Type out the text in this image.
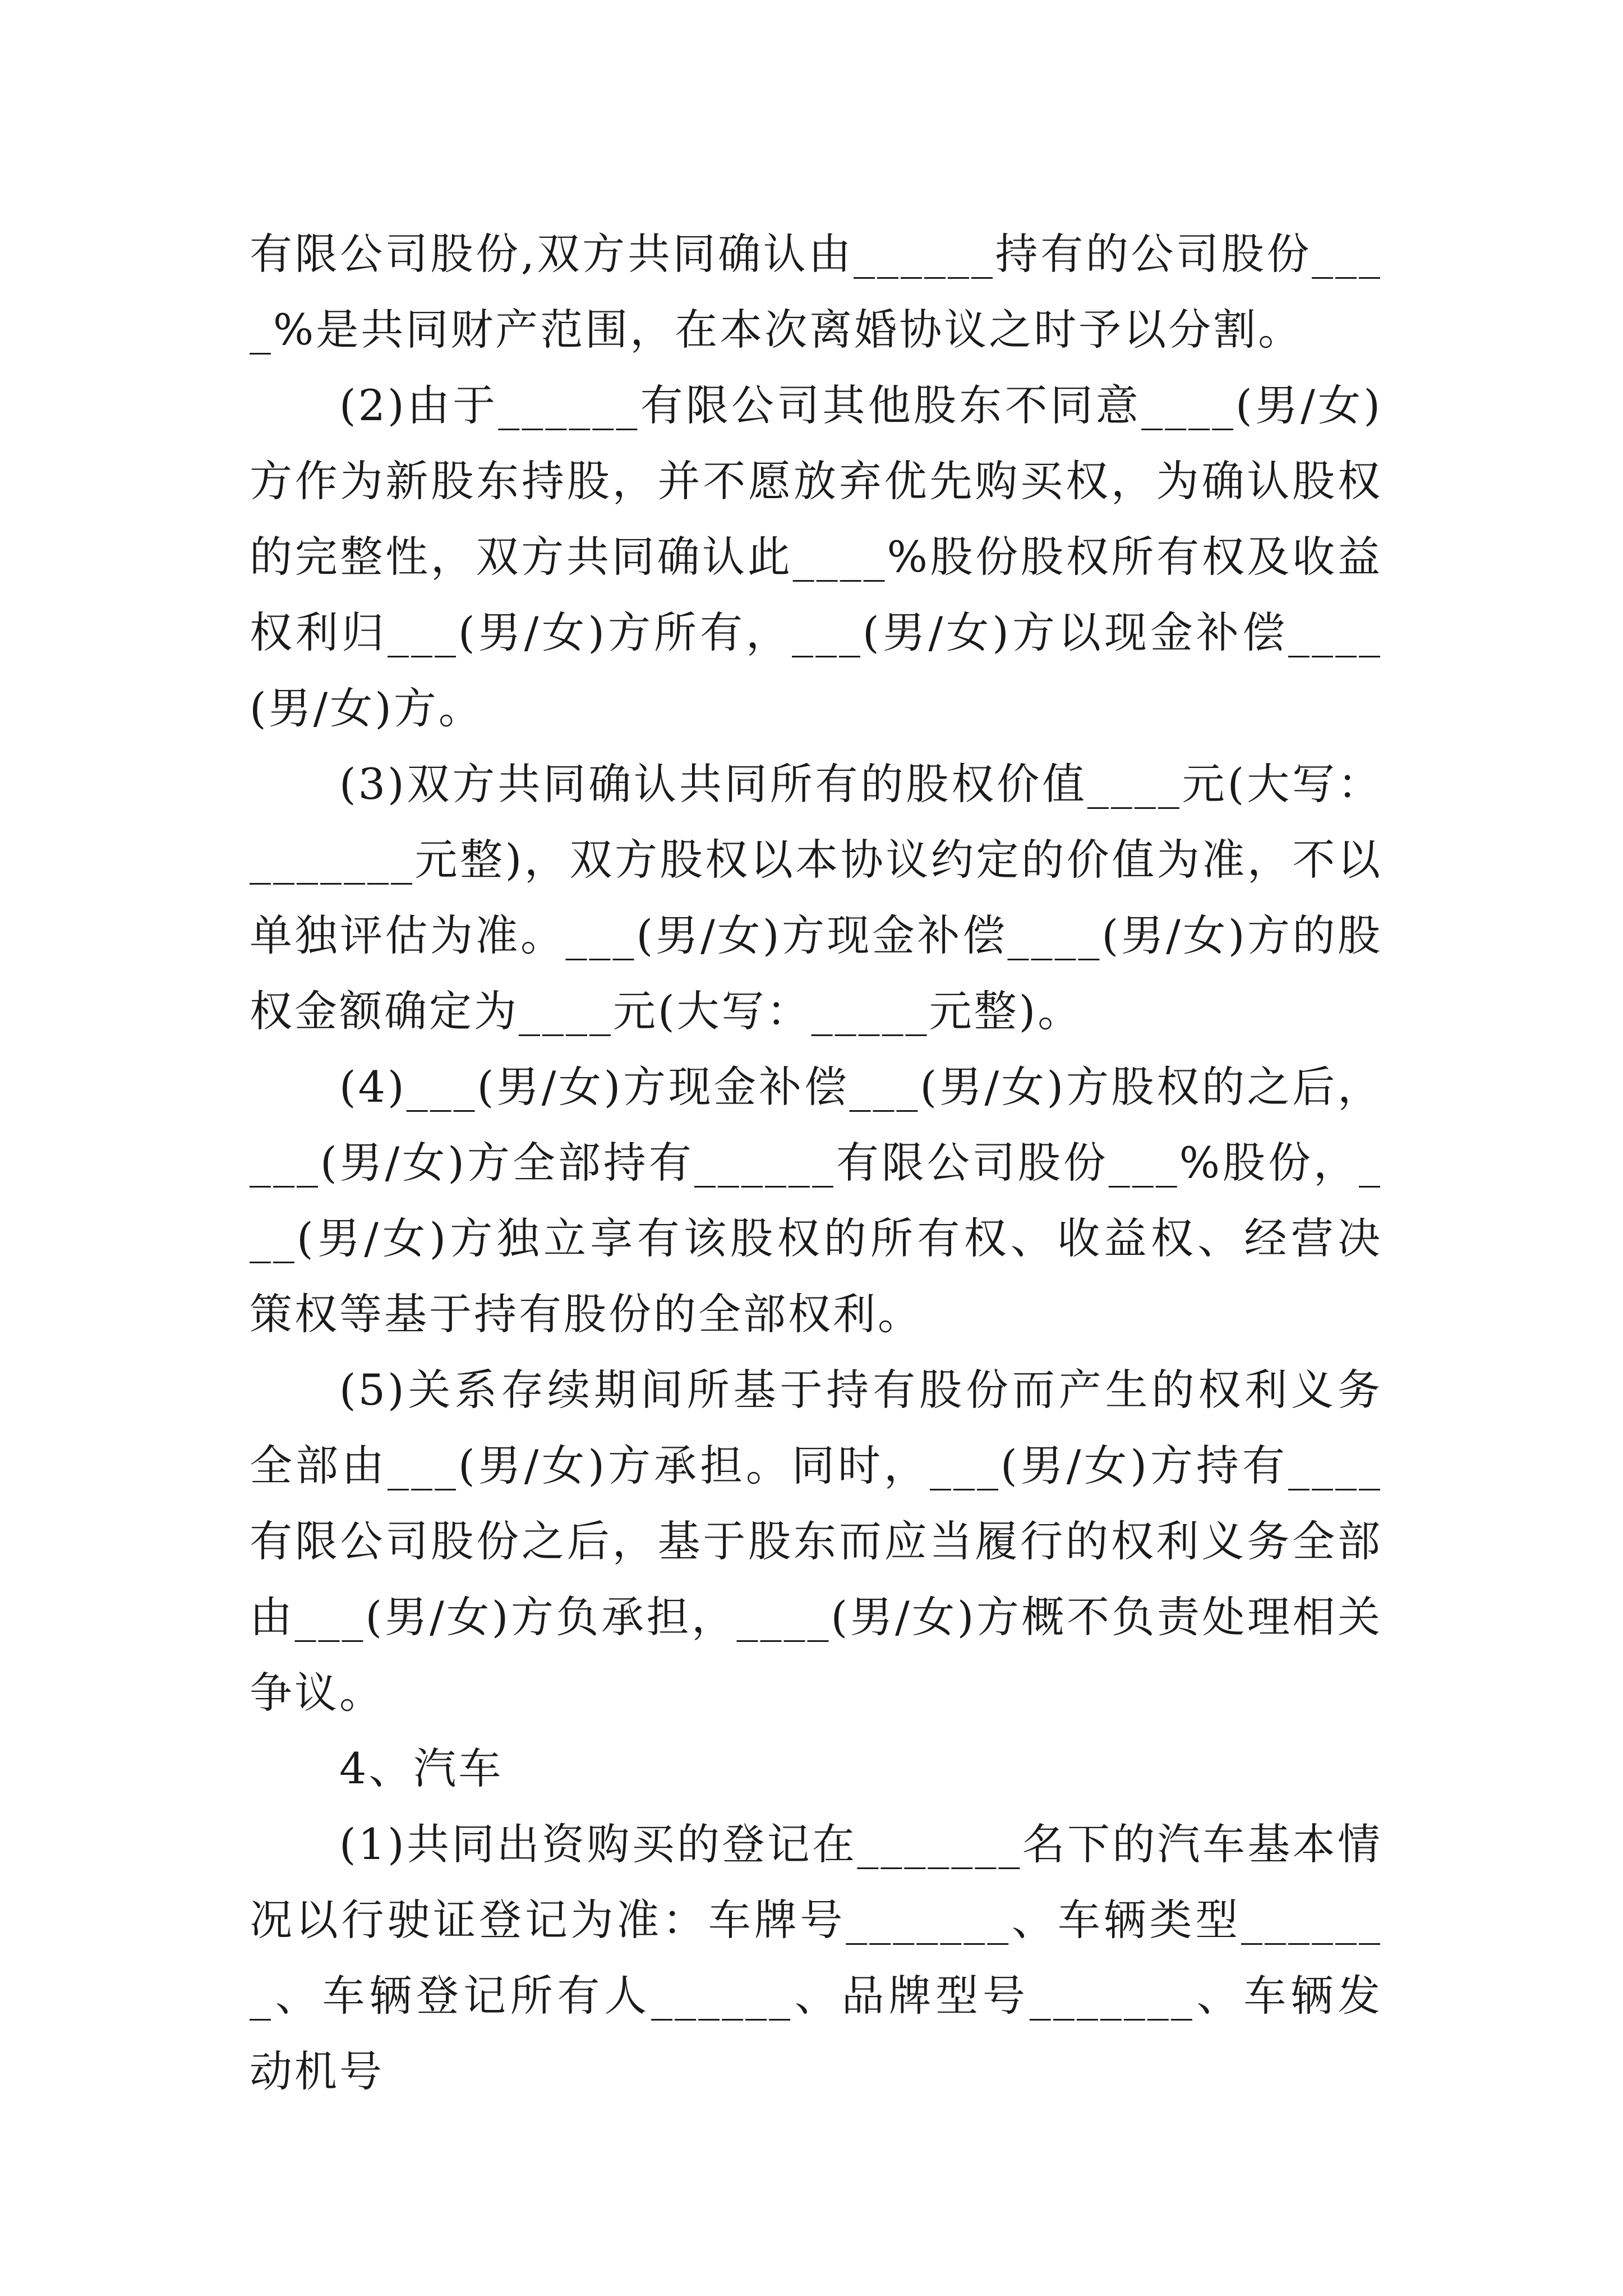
有限公司股份,双方共同确认由______持有的公司股份____%是共同财产范围，在本次离婚协议之时予以分割。

(2)由于______有限公司其他股东不同意____(男/女)方作为新股东持股，并不愿放弃优先购买权，为确认股权的完整性，双方共同确认此____%股份股权所有权及收益权利归___(男/女)方所有，___(男/女)方以现金补偿____(男/女)方。

(3)双方共同确认共同所有的股权价值____元(大写：_______元整)，双方股权以本协议约定的价值为准，不以单独评估为准。___(男/女)方现金补偿____(男/女)方的股权金额确定为____元(大写：_____元整)。

(4)___(男/女)方现金补偿___(男/女)方股权的之后，___(男/女)方全部持有______有限公司股份___%股份，___(男/女)方独立享有该股权的所有权、收益权、经营决策权等基于持有股份的全部权利。

(5)关系存续期间所基于持有股份而产生的权利义务全部由___(男/女)方承担。同时，___(男/女)方持有____有限公司股份之后，基于股东而应当履行的权利义务全部由___(男/女)方负承担，____(男/女)方概不负责处理相关争议。

4、汽车

(1)共同出资购买的登记在_______名下的汽车基本情况以行驶证登记为准：车牌号_______、车辆类型_______、车辆登记所有人______、品牌型号_______、车辆发动机号
